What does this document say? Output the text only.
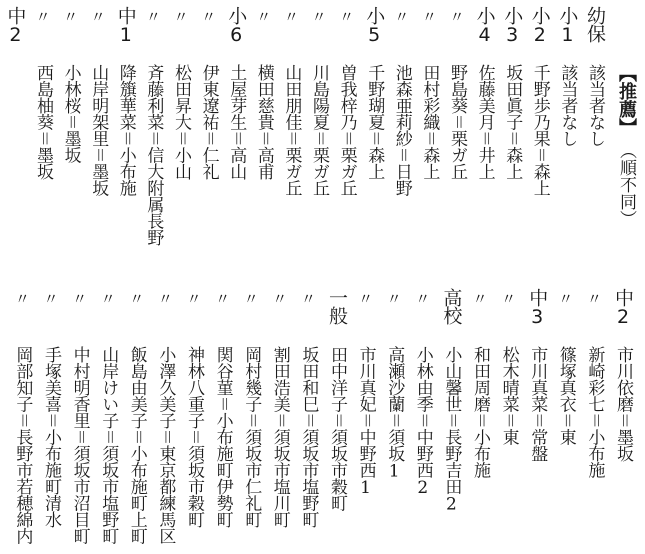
【推薦】
（順不同）
幼保
該当者なし
小1
該当者なし
小2
千野歩乃果＝森上
小3
坂田眞子＝森上
小4
佐藤美月＝井上
〃
野島葵＝栗ガ丘
〃
田村彩織＝森上
〃
池森亜莉紗＝日野
小5
千野瑚夏＝森上
〃
曽我梓乃＝栗ガ丘
〃
川島陽夏＝栗ガ丘
〃
山田朋佳＝栗ガ丘
〃
横田慈貴＝高甫
小6
土屋芽生＝高山
〃
伊東遼祐＝仁礼
〃
松田昇大＝小山
〃
斉藤利菜＝信大附属長野
中1
降籏華菜＝小布施
〃
山岸明架里＝墨坂
〃
小林桜＝墨坂
〃
西島柚葵＝墨坂
中2
中2
市川依磨＝墨坂
〃
新崎彩七＝小布施
〃
篠塚真衣＝東
中3
市川真菜＝常盤
〃
松木晴菜＝東
〃
和田周磨＝小布施
高校
小山馨世＝長野吉田2
〃
小林由季＝中野西2
〃
高瀬沙蘭＝須坂1
〃
市川真妃＝中野西1
一般
田中洋子＝須坂市穀町
〃
坂田和巳＝須坂市塩野町
〃
割田浩美＝須坂市塩川町
〃
岡村幾子＝須坂市仁礼町
〃
関谷菫＝小布施町伊勢町
〃
神林八重子＝須坂市穀町
〃
小澤久美子＝東京都練馬区
〃
飯島由美子＝小布施町上町
〃
山岸けい子＝須坂市塩野町
〃
中村明香里＝須坂市沼目町
〃
手塚美喜＝小布施町清水
〃
岡部知子＝長野市若穂綿内
